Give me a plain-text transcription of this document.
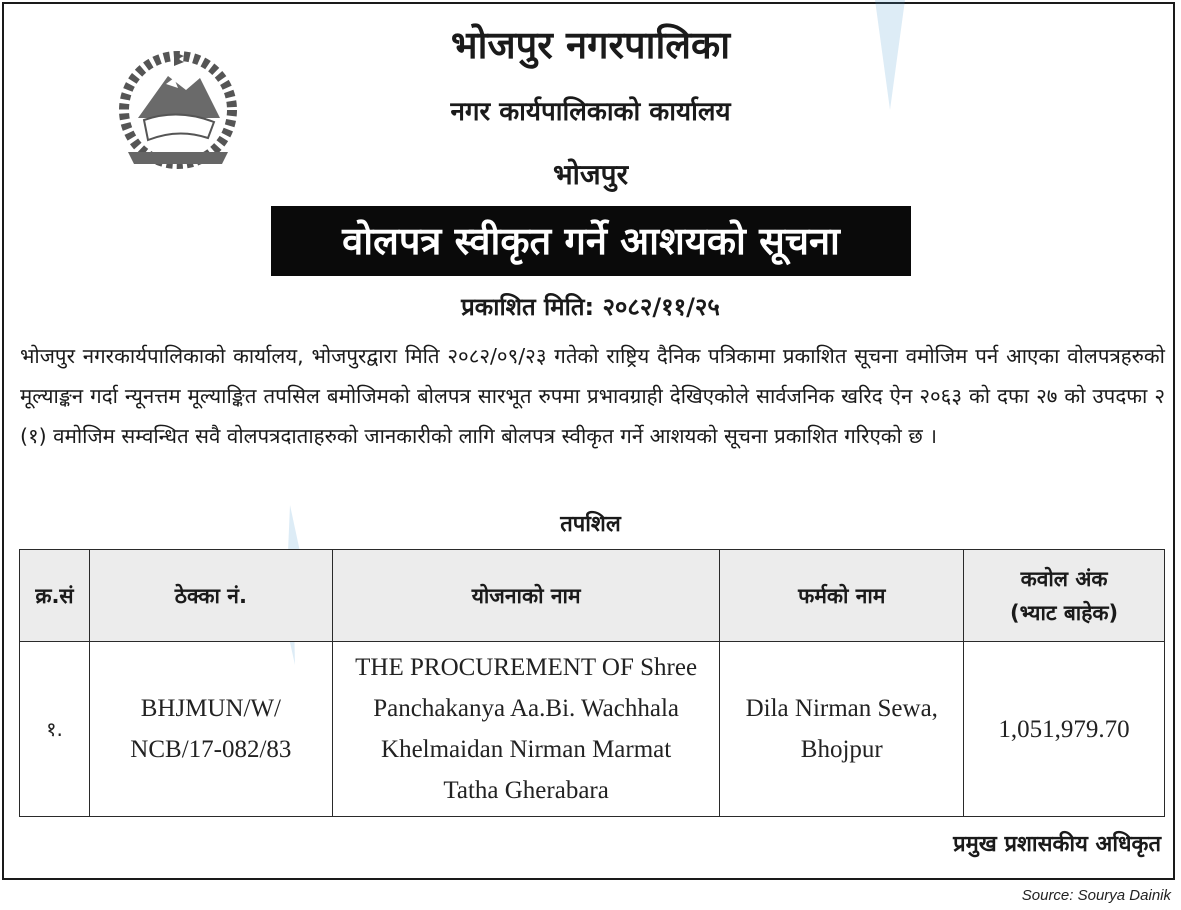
भोजपुर नगरपालिका
नगर कार्यपालिकाको कार्यालय
भोजपुर
वोलपत्र स्वीकृत गर्ने आशयको सूचना
प्रकाशित मिति: २०८२/११/२५
भोजपुर नगरकार्यपालिकाको कार्यालय, भोजपुरद्वारा मिति २०८२/०९/२३ गतेको राष्ट्रिय दैनिक पत्रिकामा प्रकाशित सूचना वमोजिम पर्न आएका वोलपत्रहरुको मूल्याङ्कन गर्दा न्यूनत्तम मूल्याङ्कित तपसिल बमोजिमको बोलपत्र सारभूत रुपमा प्रभावग्राही देखिएकोले सार्वजनिक खरिद ऐन २०६३ को दफा २७ को उपदफा २ (१) वमोजिम सम्वन्धित सवै वोलपत्रदाताहरुको जानकारीको लागि बोलपत्र स्वीकृत गर्ने आशयको सूचना प्रकाशित गरिएको छ ।
तपशिल
क्र.सं	ठेक्का नं.	योजनाको नाम	फर्मको नाम	कवोल अंक
(भ्याट बाहेक)

१.	BHJMUN/W/ NCB/17-082/83	THE PROCUREMENT OF Shree Panchakanya Aa.Bi. Wachhala Khelmaidan Nirman Marmat Tatha Gherabara	Dila Nirman Sewa, Bhojpur	1,051,979.70
प्रमुख प्रशासकीय अधिकृत
Source: Sourya Dainik
